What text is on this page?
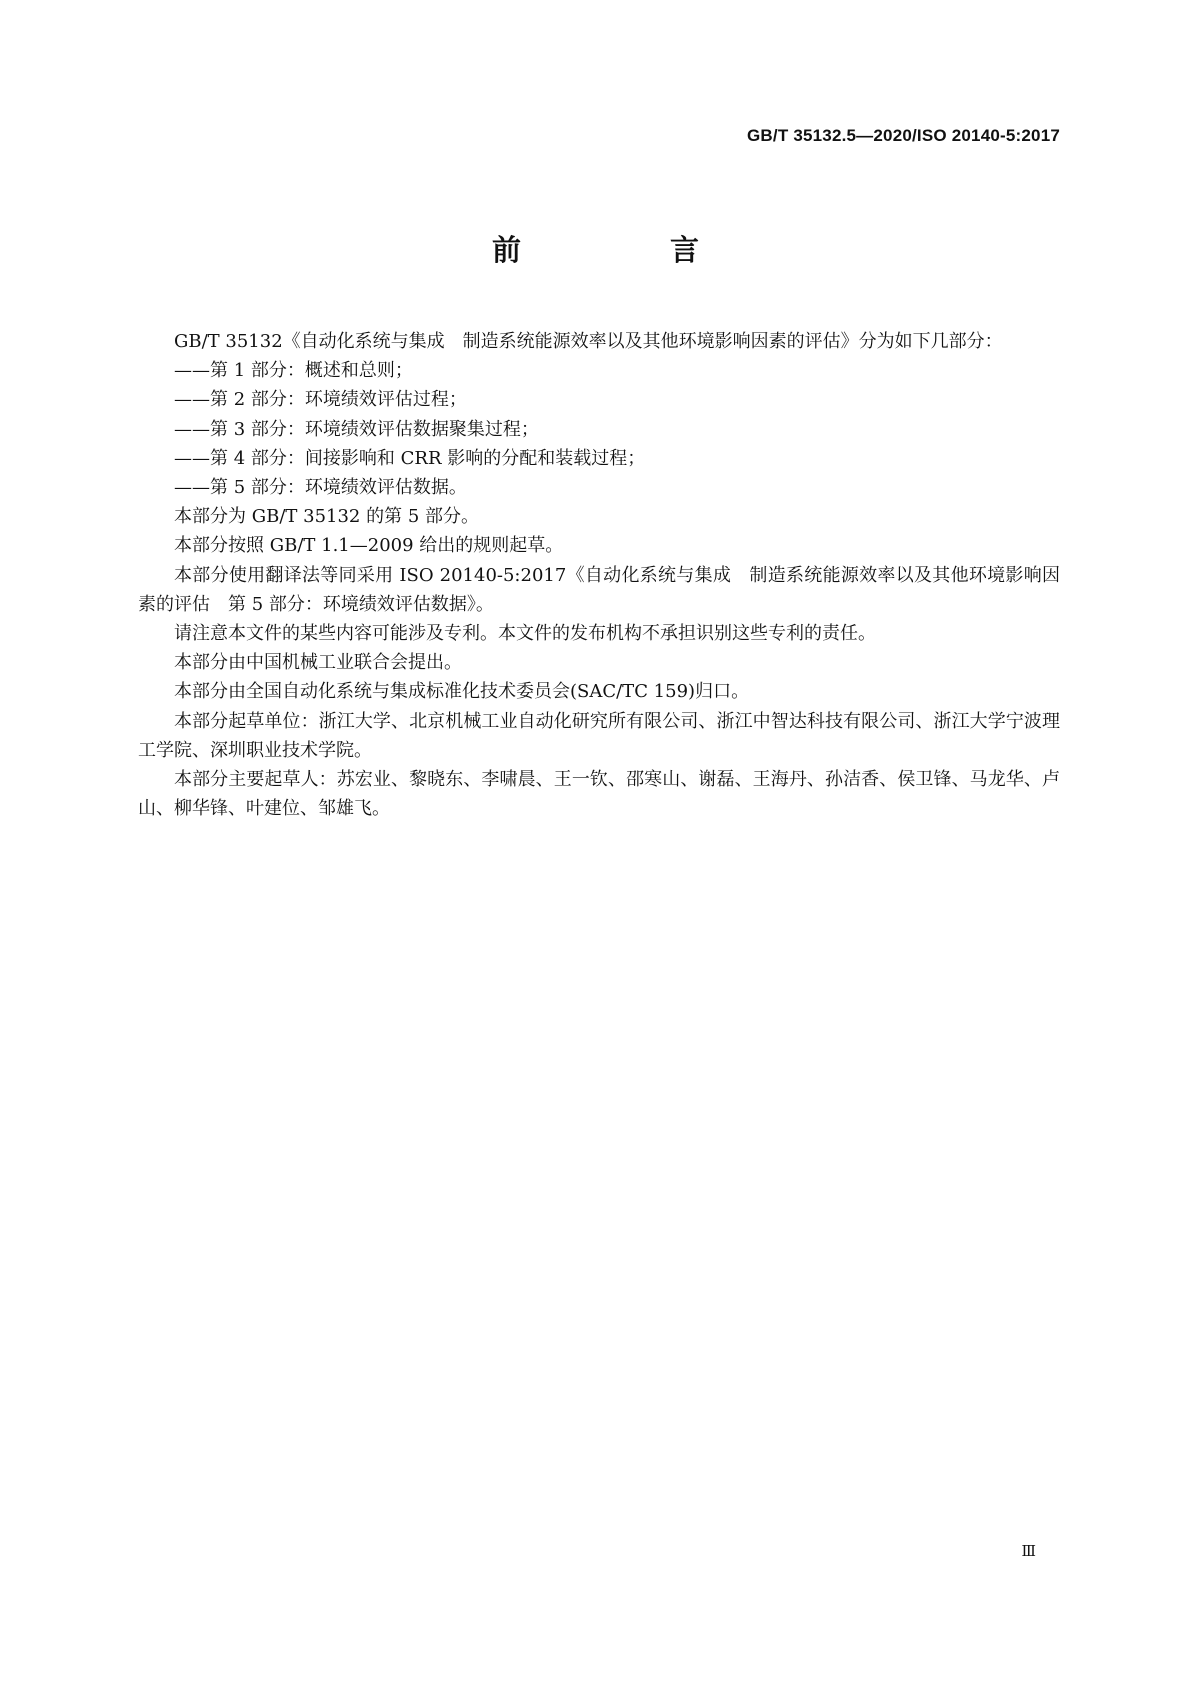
GB/T 35132.5—2020/ISO 20140-5:2017
前　言

GB/T 35132《自动化系统与集成　制造系统能源效率以及其他环境影响因素的评估》分为如下几部分：

——第 1 部分：概述和总则；

——第 2 部分：环境绩效评估过程；

——第 3 部分：环境绩效评估数据聚集过程；

——第 4 部分：间接影响和 CRR 影响的分配和装载过程；

——第 5 部分：环境绩效评估数据。

本部分为 GB/T 35132 的第 5 部分。

本部分按照 GB/T 1.1—2009 给出的规则起草。

本部分使用翻译法等同采用 ISO 20140-5:2017《自动化系统与集成　制造系统能源效率以及其他环境影响因素的评估　第 5 部分：环境绩效评估数据》。

请注意本文件的某些内容可能涉及专利。本文件的发布机构不承担识别这些专利的责任。

本部分由中国机械工业联合会提出。

本部分由全国自动化系统与集成标准化技术委员会(SAC/TC 159)归口。

本部分起草单位：浙江大学、北京机械工业自动化研究所有限公司、浙江中智达科技有限公司、浙江大学宁波理工学院、深圳职业技术学院。

本部分主要起草人：苏宏业、黎晓东、李啸晨、王一钦、邵寒山、谢磊、王海丹、孙洁香、侯卫锋、马龙华、卢山、柳华锋、叶建位、邹雄飞。

Ⅲ
